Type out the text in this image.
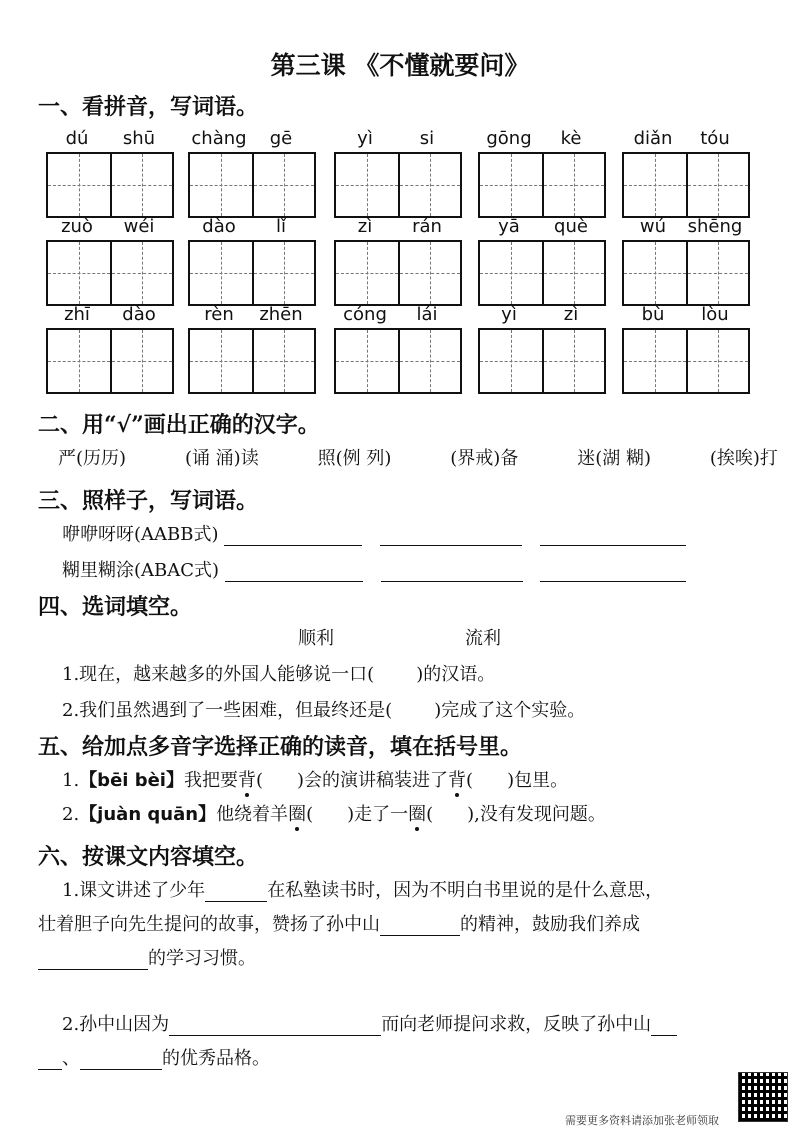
第三课 《不懂就要问》
一、看拼音，写词语。
dú	shū	chàng	gē	yì	si	gōng	kè	diǎn	tóu
zuò	wéi	dào	lǐ	zì	rán	yā	què	wú	shēng
zhī	dào	rèn	zhēn	cóng	lái	yì	zì	bù	lòu
二、用“√”画出正确的汉字。
严(历历)	(诵 涌)读	照(例 列)	(界戒)备	迷(湖 糊)	(挨唉)打
三、照样子，写词语。
咿咿呀呀(AABB式)
糊里糊涂(ABAC式)
四、选词填空。
顺利	流利
1.现在，越来越多的外国人能够说一口( )的汉语。
2.我们虽然遇到了一些困难，但最终还是( )完成了这个实验。
五、给加点多音字选择正确的读音，填在括号里。
1.【bēi bèi】我把要背( )会的演讲稿装进了背( )包里。
2.【juàn quān】他绕着羊圈( )走了一圈( ),没有发现问题。
六、按课文内容填空。
1.课文讲述了少年	在私塾读书时，因为不明白书里说的是什么意思，
壮着胆子向先生提问的故事，赞扬了孙中山	的精神，鼓励我们养成
的学习习惯。
2.孙中山因为	而向老师提问求救，反映了孙中山
、	的优秀品格。
需要更多资料请添加张老师领取
